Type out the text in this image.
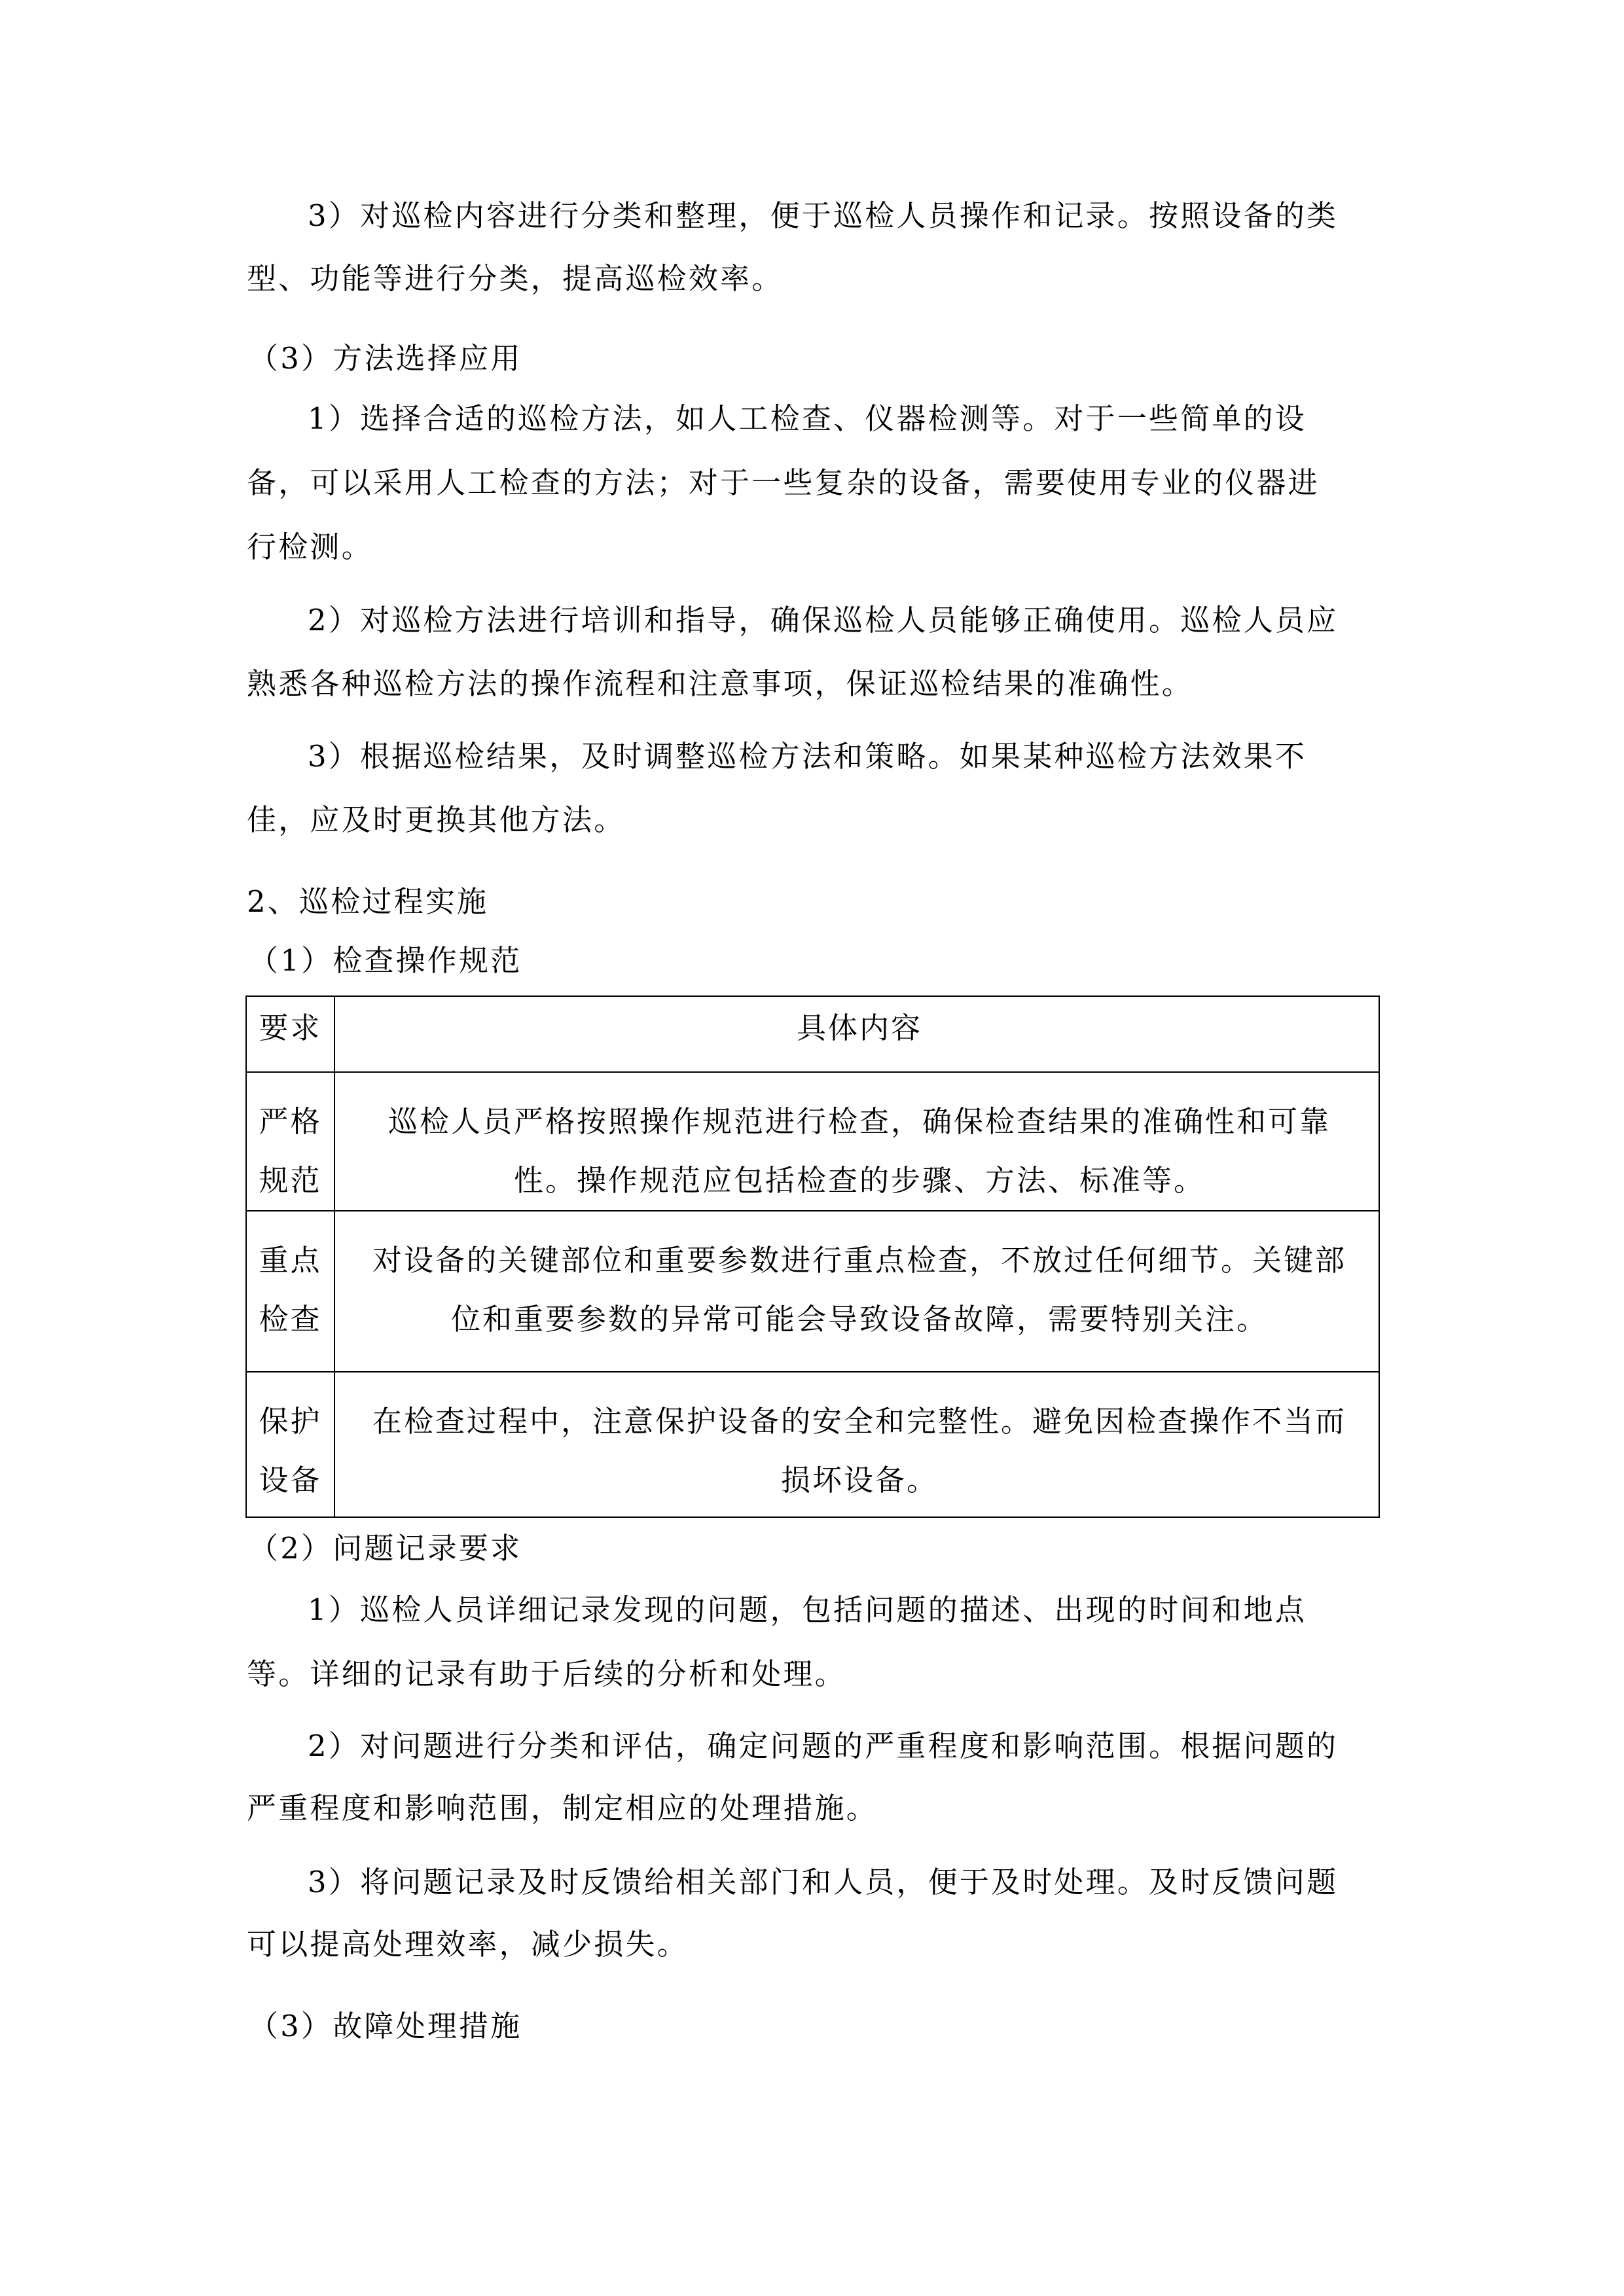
3）对巡检内容进行分类和整理，便于巡检人员操作和记录。按照设备的类
型、功能等进行分类，提高巡检效率。
（3）方法选择应用
1）选择合适的巡检方法，如人工检查、仪器检测等。对于一些简单的设
备，可以采用人工检查的方法；对于一些复杂的设备，需要使用专业的仪器进
行检测。
2）对巡检方法进行培训和指导，确保巡检人员能够正确使用。巡检人员应
熟悉各种巡检方法的操作流程和注意事项，保证巡检结果的准确性。
3）根据巡检结果，及时调整巡检方法和策略。如果某种巡检方法效果不
佳，应及时更换其他方法。
2、巡检过程实施
（1）检查操作规范
要求	具体内容

严格
规范	巡检人员严格按照操作规范进行检查，确保检查结果的准确性和可靠
性。操作规范应包括检查的步骤、方法、标准等。

重点
检查	对设备的关键部位和重要参数进行重点检查，不放过任何细节。关键部
位和重要参数的异常可能会导致设备故障，需要特别关注。

保护
设备	在检查过程中，注意保护设备的安全和完整性。避免因检查操作不当而
损坏设备。
（2）问题记录要求
1）巡检人员详细记录发现的问题，包括问题的描述、出现的时间和地点
等。详细的记录有助于后续的分析和处理。
2）对问题进行分类和评估，确定问题的严重程度和影响范围。根据问题的
严重程度和影响范围，制定相应的处理措施。
3）将问题记录及时反馈给相关部门和人员，便于及时处理。及时反馈问题
可以提高处理效率，减少损失。
（3）故障处理措施
